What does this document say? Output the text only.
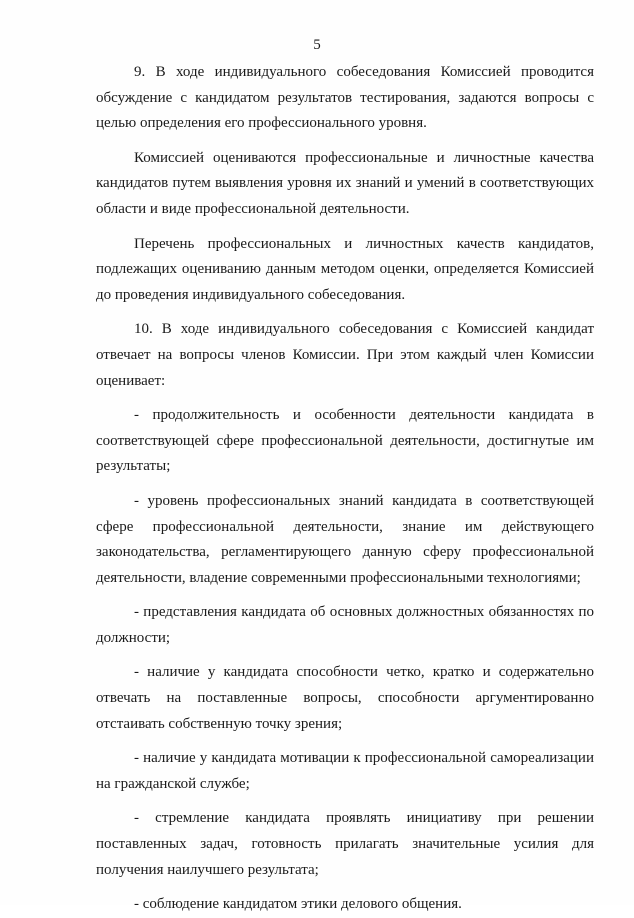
5

9. В ходе индивидуального собеседования Комиссией проводится обсуждение с кандидатом результатов тестирования, задаются вопросы с целью определения его профессионального уровня.

Комиссией оцениваются профессиональные и личностные качества кандидатов путем выявления уровня их знаний и умений в соответствующих области и виде профессиональной деятельности.

Перечень профессиональных и личностных качеств кандидатов, подлежащих оцениванию данным методом оценки, определяется Комиссией до проведения индивидуального собеседования.

10. В ходе индивидуального собеседования с Комиссией кандидат отвечает на вопросы членов Комиссии. При этом каждый член Комиссии оценивает:

- продолжительность и особенности деятельности кандидата в соответствующей сфере профессиональной деятельности, достигнутые им результаты;

- уровень профессиональных знаний кандидата в соответствующей сфере профессиональной деятельности, знание им действующего законодательства, регламентирующего данную сферу профессиональной деятельности, владение современными профессиональными технологиями;

- представления кандидата об основных должностных обязанностях по должности;

- наличие у кандидата способности четко, кратко и содержательно отвечать на поставленные вопросы, способности аргументированно отстаивать собственную точку зрения;

- наличие у кандидата мотивации к профессиональной самореализации на гражданской службе;

- стремление кандидата проявлять инициативу при решении поставленных задач, готовность прилагать значительные усилия для получения наилучшего результата;

- соблюдение кандидатом этики делового общения.
